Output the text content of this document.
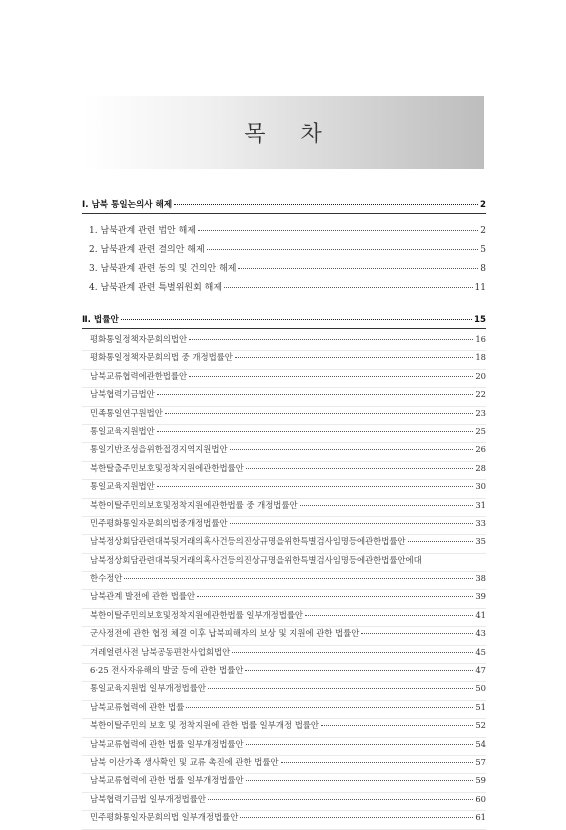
목 차
Ⅰ. 남북 통일논의사 해제	2
1. 남북관계 관련 법안 해제	2
2. 남북관계 관련 결의안 해제	5
3. 남북관계 관련 동의 및 건의안 해제	8
4. 남북관계 관련 특별위원회 해제	11
Ⅱ. 법률안	15
평화통일정책자문회의법안	16
평화통일정책자문회의법 중 개정법률안	18
남북교류협력에관한법률안	20
남북협력기금법안	22
민족통일연구원법안	23
통일교육지원법안	25
통일기반조성을위한접경지역지원법안	26
북한탈출주민보호및정착지원에관한법률안	28
통일교육지원법안	30
북한이탈주민의보호및정착지원에관한법률 중 개정법률안	31
민주평화통일자문회의법중개정법률안	33
남북정상회담관련대북뒷거래의혹사건등의진상규명을위한특별검사임명등에관한법률안	35
남북정상회담관련대북뒷거래의혹사건등의진상규명을위한특별검사임명등에관한법률안에대
한수정안	38
남북관계 발전에 관한 법률안	39
북한이탈주민의보호및정착지원에관한법률 일부개정법률안	41
군사정전에 관한 협정 체결 이후 납북피해자의 보상 및 지원에 관한 법률안	43
겨레얼련사전 남북공동편찬사업회법안	45
6·25 전사자유해의 발굴 등에 관한 법률안	47
통일교육지원법 일부개정법률안	50
남북교류협력에 관한 법률	51
북한이탈주민의 보호 및 정착지원에 관한 법률 일부개정 법률안	52
남북교류협력에 관한 법률 일부개정법률안	54
남북 이산가족 생사확인 및 교류 촉진에 관한 법률안	57
남북교류협력에 관한 법률 일부개정법률안	59
남북협력기금법 일부개정법률안	60
민주평화통일자문회의법 일부개정법률안	61
